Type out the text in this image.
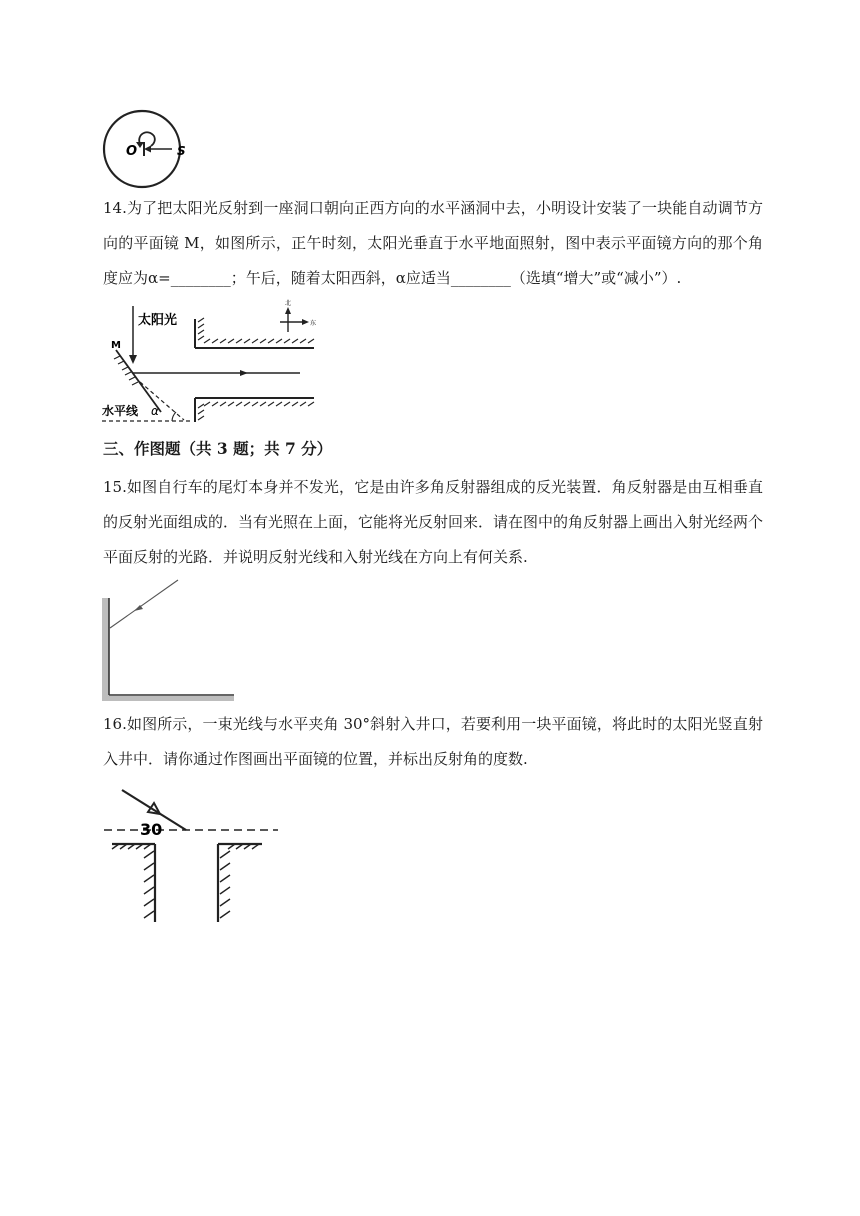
O	S

14.为了把太阳光反射到一座洞口朝向正西方向的水平涵洞中去，小明设计安装了一块能自动调节方向的平面镜 M，如图所示，正午时刻，太阳光垂直于水平地面照射，图中表示平面镜方向的那个角度应为α=________；午后，随着太阳西斜，α应适当________（选填“增大”或“减小”）.

太阳光
M
水平线 α
北
东

三、作图题（共 3 题；共 7 分）

15.如图自行车的尾灯本身并不发光，它是由许多角反射器组成的反光装置．角反射器是由互相垂直的反射光面组成的．当有光照在上面，它能将光反射回来．请在图中的角反射器上画出入射光经两个平面反射的光路．并说明反射光线和入射光线在方向上有何关系.

16.如图所示，一束光线与水平夹角 30°斜射入井口，若要利用一块平面镜，将此时的太阳光竖直射入井中．请你通过作图画出平面镜的位置，并标出反射角的度数.

30
